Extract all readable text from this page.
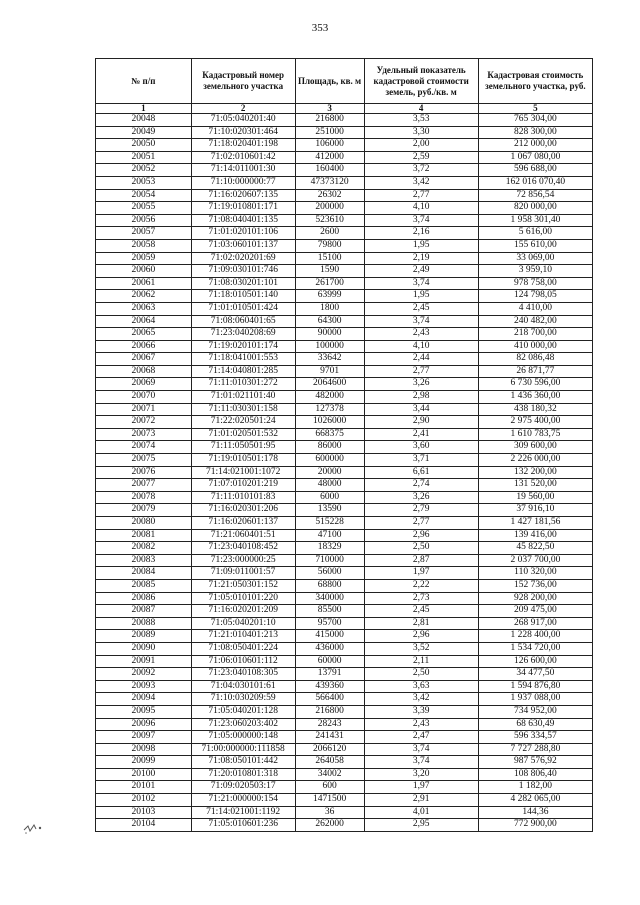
353
№ п/п	Кадастровый номер земельного участка	Площадь, кв. м	Удельный показатель кадастровой стоимости земель, руб./кв. м	Кадастровая стоимость земельного участка, руб.
1	2	3	4	5
20048	71:05:040201:40	216800	3,53	765 304,00
20049	71:10:020301:464	251000	3,30	828 300,00
20050	71:18:020401:198	106000	2,00	212 000,00
20051	71:02:010601:42	412000	2,59	1 067 080,00
20052	71:14:011001:30	160400	3,72	596 688,00
20053	71:10:000000:77	47373120	3,42	162 016 070,40
20054	71:16:020607:135	26302	2,77	72 856,54
20055	71:19:010801:171	200000	4,10	820 000,00
20056	71:08:040401:135	523610	3,74	1 958 301,40
20057	71:01:020101:106	2600	2,16	5 616,00
20058	71:03:060101:137	79800	1,95	155 610,00
20059	71:02:020201:69	15100	2,19	33 069,00
20060	71:09:030101:746	1590	2,49	3 959,10
20061	71:08:030201:101	261700	3,74	978 758,00
20062	71:18:010501:140	63999	1,95	124 798,05
20063	71:01:010501:424	1800	2,45	4 410,00
20064	71:08:060401:65	64300	3,74	240 482,00
20065	71:23:040208:69	90000	2,43	218 700,00
20066	71:19:020101:174	100000	4,10	410 000,00
20067	71:18:041001:553	33642	2,44	82 086,48
20068	71:14:040801:285	9701	2,77	26 871,77
20069	71:11:010301:272	2064600	3,26	6 730 596,00
20070	71:01:021101:40	482000	2,98	1 436 360,00
20071	71:11:030301:158	127378	3,44	438 180,32
20072	71:22:020501:24	1026000	2,90	2 975 400,00
20073	71:01:020501:532	668375	2,41	1 610 783,75
20074	71:11:050501:95	86000	3,60	309 600,00
20075	71:19:010501:178	600000	3,71	2 226 000,00
20076	71:14:021001:1072	20000	6,61	132 200,00
20077	71:07:010201:219	48000	2,74	131 520,00
20078	71:11:010101:83	6000	3,26	19 560,00
20079	71:16:020301:206	13590	2,79	37 916,10
20080	71:16:020601:137	515228	2,77	1 427 181,56
20081	71:21:060401:51	47100	2,96	139 416,00
20082	71:23:040108:452	18329	2,50	45 822,50
20083	71:23:000000:25	710000	2,87	2 037 700,00
20084	71:09:011001:57	56000	1,97	110 320,00
20085	71:21:050301:152	68800	2,22	152 736,00
20086	71:05:010101:220	340000	2,73	928 200,00
20087	71:16:020201:209	85500	2,45	209 475,00
20088	71:05:040201:10	95700	2,81	268 917,00
20089	71:21:010401:213	415000	2,96	1 228 400,00
20090	71:08:050401:224	436000	3,52	1 534 720,00
20091	71:06:010601:112	60000	2,11	126 600,00
20092	71:23:040108:305	13791	2,50	34 477,50
20093	71:04:030101:61	439360	3,63	1 594 876,80
20094	71:10:030209:59	566400	3,42	1 937 088,00
20095	71:05:040201:128	216800	3,39	734 952,00
20096	71:23:060203:402	28243	2,43	68 630,49
20097	71:05:000000:148	241431	2,47	596 334,57
20098	71:00:000000:111858	2066120	3,74	7 727 288,80
20099	71:08:050101:442	264058	3,74	987 576,92
20100	71:20:010801:318	34002	3,20	108 806,40
20101	71:09:020503:17	600	1,97	1 182,00
20102	71:21:000000:154	1471500	2,91	4 282 065,00
20103	71:14:021001:1192	36	4,01	144,36
20104	71:05:010601:236	262000	2,95	772 900,00
